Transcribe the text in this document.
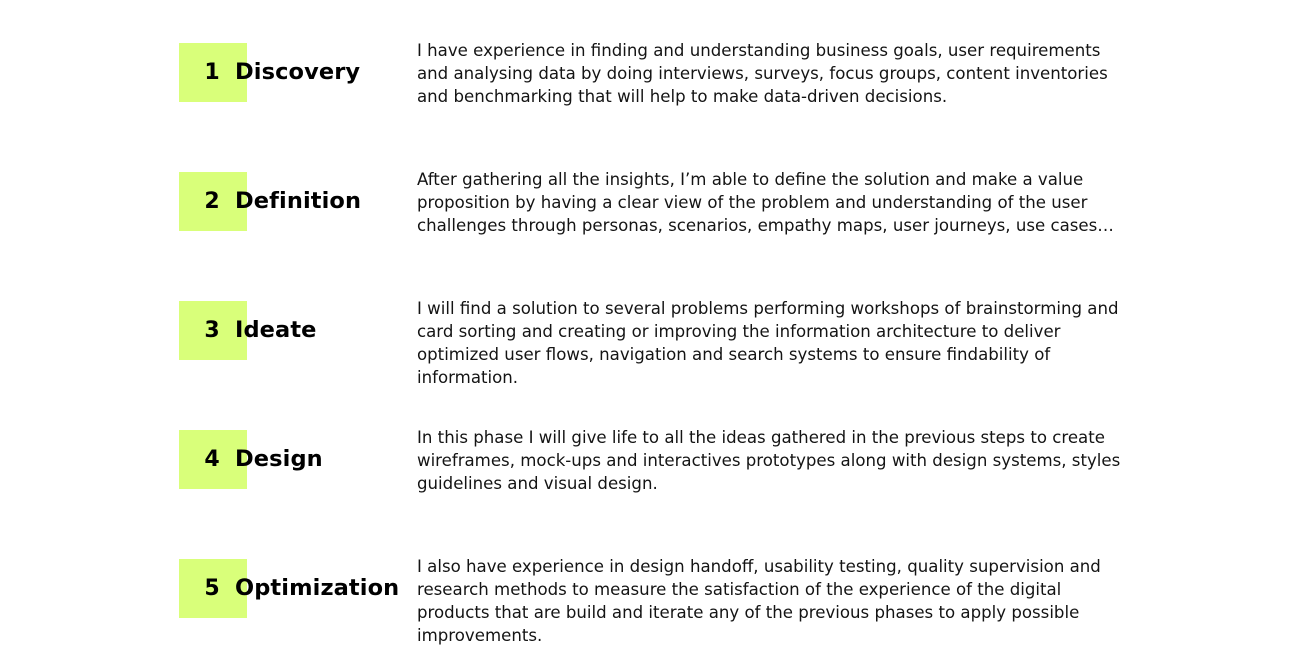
1 Discovery

I have experience in finding and understanding business goals, user requirements and analysing data by doing interviews, surveys, focus groups, content inventories and benchmarking that will help to make data-driven decisions.

2 Definition

After gathering all the insights, I’m able to define the solution and make a value proposition by having a clear view of the problem and understanding of the user challenges through personas, scenarios, empathy maps, user journeys, use cases…

3 Ideate

I will find a solution to several problems performing workshops of brainstorming and card sorting and creating or improving the information architecture to deliver optimized user flows, navigation and search systems to ensure findability of information.

4 Design

In this phase I will give life to all the ideas gathered in the previous steps to create wireframes, mock-ups and interactives prototypes along with design systems, styles guidelines and visual design.

5 Optimization

I also have experience in design handoff, usability testing, quality supervision and research methods to measure the satisfaction of the experience of the digital products that are build and iterate any of the previous phases to apply possible improvements.
